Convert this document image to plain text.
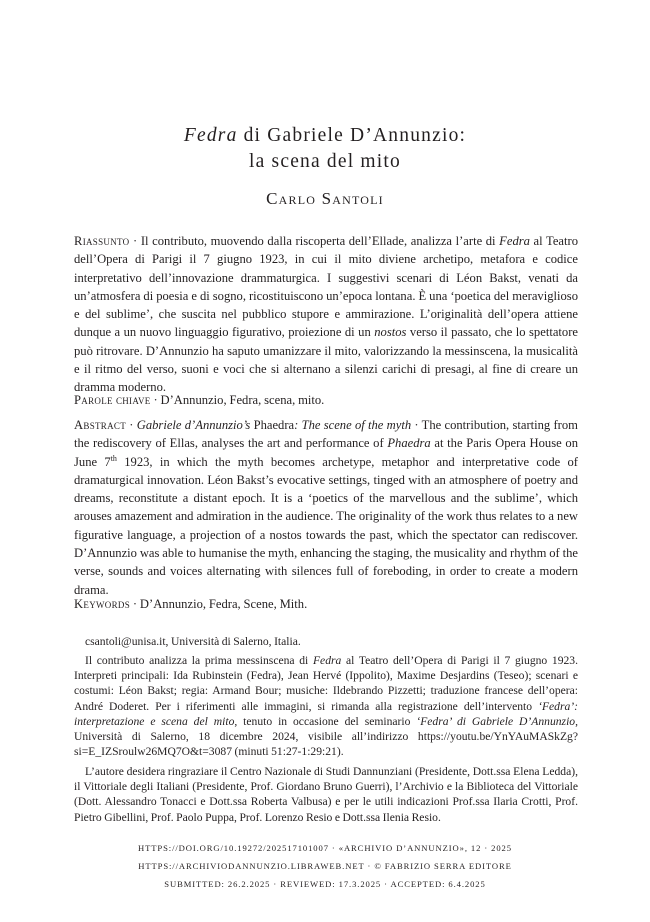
Fedra di Gabriele D’Annunzio:
la scena del mito
Carlo Santoli
Riassunto · Il contributo, muovendo dalla riscoperta dell’Ellade, analizza l’arte di Fedra al Teatro dell’Opera di Parigi il 7 giugno 1923, in cui il mito diviene archetipo, metafora e codice interpretativo dell’innovazione drammaturgica. I suggestivi scenari di Léon Bakst, venati da un’atmosfera di poesia e di sogno, ricostituiscono un’epoca lontana. È una ‘poetica del meraviglioso e del sublime’, che suscita nel pubblico stupore e ammirazione. L’originalità dell’opera attiene dunque a un nuovo linguaggio figurativo, proiezione di un nostos verso il passato, che lo spettatore può ritrovare. D’Annunzio ha saputo umanizzare il mito, valorizzando la messinscena, la musicalità e il ritmo del verso, suoni e voci che si alternano a silenzi carichi di presagi, al fine di creare un dramma moderno.
Parole chiave · D’Annunzio, Fedra, scena, mito.
Abstract · Gabriele d’Annunzio’s Phaedra: The scene of the myth · The contribution, starting from the rediscovery of Ellas, analyses the art and performance of Phaedra at the Paris Opera House on June 7th 1923, in which the myth becomes archetype, metaphor and interpretative code of dramaturgical innovation. Léon Bakst’s evocative settings, tinged with an atmosphere of poetry and dreams, reconstitute a distant epoch. It is a ‘poetics of the marvellous and the sublime’, which arouses amazement and admiration in the audience. The originality of the work thus relates to a new figurative language, a projection of a nostos towards the past, which the spectator can rediscover. D’Annunzio was able to humanise the myth, enhancing the staging, the musicality and rhythm of the verse, sounds and voices alternating with silences full of foreboding, in order to create a modern drama.
Keywords · D’Annunzio, Fedra, Scene, Mith.
csantoli@unisa.it, Università di Salerno, Italia.
Il contributo analizza la prima messinscena di Fedra al Teatro dell’Opera di Parigi il 7 giugno 1923. Interpreti principali: Ida Rubinstein (Fedra), Jean Hervé (Ippolito), Maxime Desjardins (Teseo); scenari e costumi: Léon Bakst; regia: Armand Bour; musiche: Ildebrando Pizzetti; traduzione francese dell’opera: André Doderet. Per i riferimenti alle immagini, si rimanda alla registrazione dell’intervento ‘Fedra’: interpretazione e scena del mito, tenuto in occasione del seminario ‘Fedra’ di Gabriele D’Annunzio, Università di Salerno, 18 dicembre 2024, visibile all’indirizzo https://youtu.be/YnYAuMASkZg?si=E_IZSroulw26MQ7O&t=3087 (minuti 51:27-1:29:21).
L’autore desidera ringraziare il Centro Nazionale di Studi Dannunziani (Presidente, Dott.ssa Elena Ledda), il Vittoriale degli Italiani (Presidente, Prof. Giordano Bruno Guerri), l’Archivio e la Biblioteca del Vittoriale (Dott. Alessandro Tonacci e Dott.ssa Roberta Valbusa) e per le utili indicazioni Prof.ssa Ilaria Crotti, Prof. Pietro Gibellini, Prof. Paolo Puppa, Prof. Lorenzo Resio e Dott.ssa Ilenia Resio.
HTTPS://DOI.ORG/10.19272/202517101007 · «ARCHIVIO D’ANNUNZIO», 12 · 2025
HTTPS://ARCHIVIODANNUNZIO.LIBRAWEB.NET · © FABRIZIO SERRA EDITORE
SUBMITTED: 26.2.2025 · REVIEWED: 17.3.2025 · ACCEPTED: 6.4.2025
